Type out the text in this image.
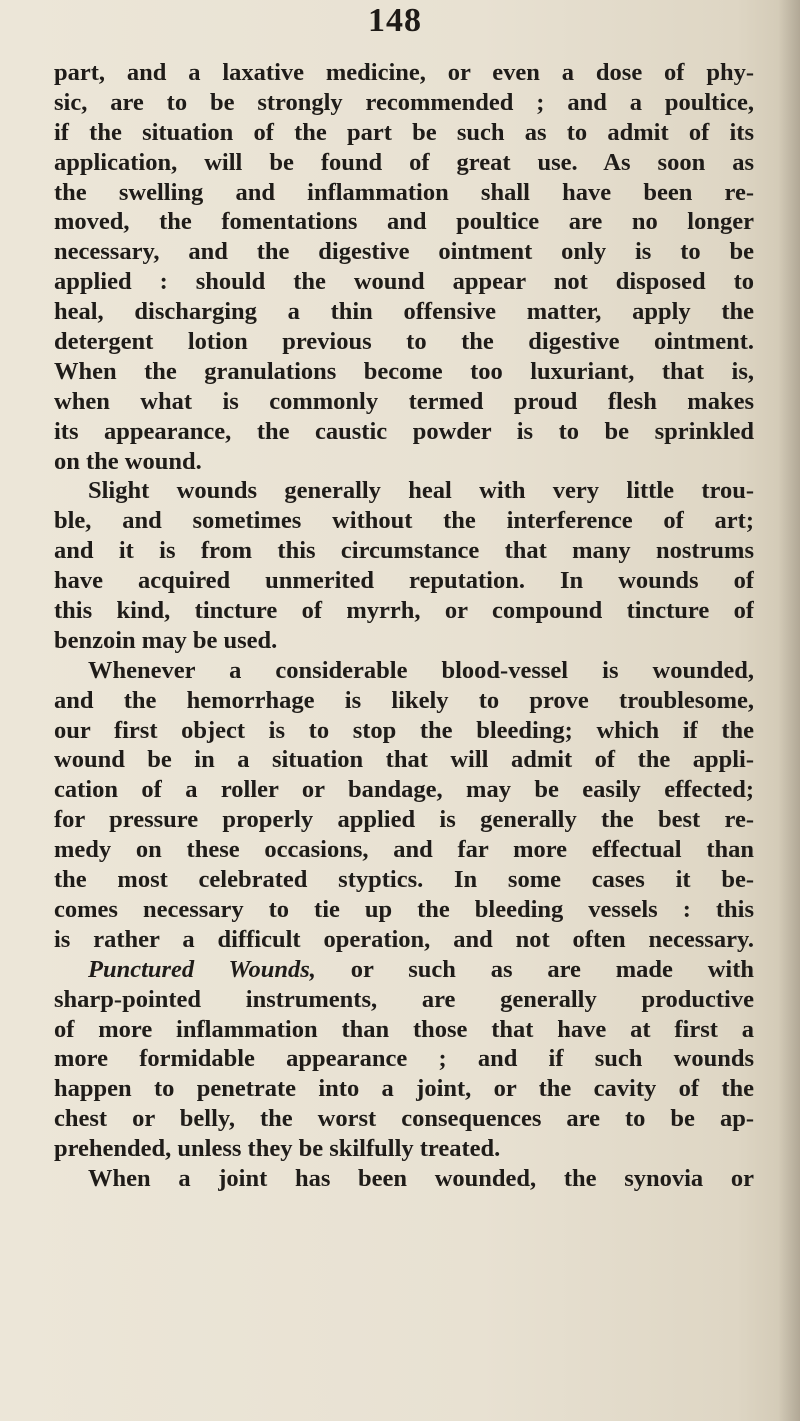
148
part, and a laxative medicine, or even a dose of phy-
sic, are to be strongly recommended ; and a poultice,
if the situation of the part be such as to admit of its
application, will be found of great use. As soon as
the swelling and inflammation shall have been re-
moved, the fomentations and poultice are no longer
necessary, and the digestive ointment only is to be
applied : should the wound appear not disposed to
heal, discharging a thin offensive matter, apply the
detergent lotion previous to the digestive ointment.
When the granulations become too luxuriant, that is,
when what is commonly termed proud flesh makes
its appearance, the caustic powder is to be sprinkled
on the wound.
Slight wounds generally heal with very little trou-
ble, and sometimes without the interference of art;
and it is from this circumstance that many nostrums
have acquired unmerited reputation. In wounds of
this kind, tincture of myrrh, or compound tincture of
benzoin may be used.
Whenever a considerable blood-vessel is wounded,
and the hemorrhage is likely to prove troublesome,
our first object is to stop the bleeding; which if the
wound be in a situation that will admit of the appli-
cation of a roller or bandage, may be easily effected;
for pressure properly applied is generally the best re-
medy on these occasions, and far more effectual than
the most celebrated styptics. In some cases it be-
comes necessary to tie up the bleeding vessels : this
is rather a difficult operation, and not often necessary.
Punctured Wounds, or such as are made with
sharp-pointed instruments, are generally productive
of more inflammation than those that have at first a
more formidable appearance ; and if such wounds
happen to penetrate into a joint, or the cavity of the
chest or belly, the worst consequences are to be ap-
prehended, unless they be skilfully treated.
When a joint has been wounded, the synovia or
